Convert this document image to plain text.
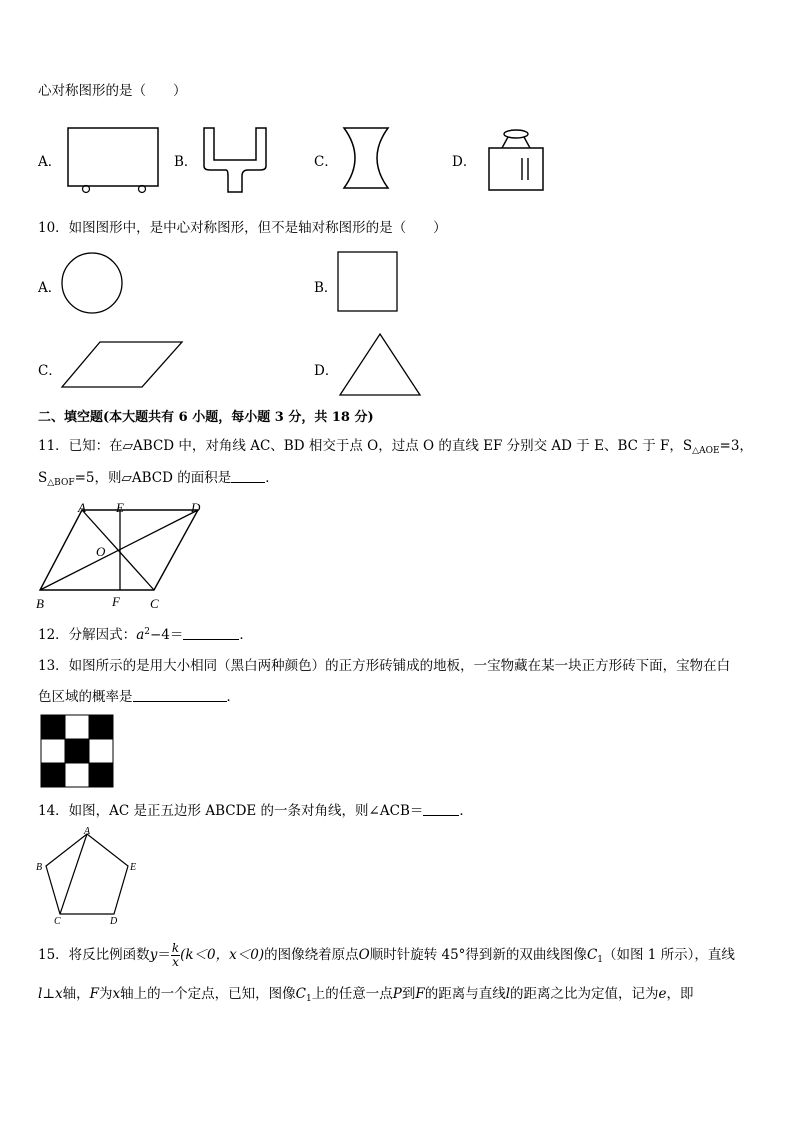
心对称图形的是（　　）
A．	B．	C．	D．
10．如图图形中，是中心对称图形，但不是轴对称图形的是（　　）
A．	B．
C．	D．
二、填空题(本大题共有 6 小题，每小题 3 分，共 18 分)
11．已知：在▱ABCD 中，对角线 AC、BD 相交于点 O，过点 O 的直线 EF 分别交 AD 于 E、BC 于 F，$S_{\triangle AOE}=3$，
$S_{\triangle BOF}=5$，则▱ABCD 的面积是	．
A E	D
O
B	F C
12．分解因式：$a^2-4=$	．
13．如图所示的是用大小相同（黑白两种颜色）的正方形砖铺成的地板，一宝物藏在某一块正方形砖下面，宝物在白
色区域的概率是	．
14．如图，AC 是正五边形 ABCDE 的一条对角线，则∠ACB＝	．
A
B	E
C	D
15．将反比例函数$y= \frac{k}{x} (k<0$，x＜0)的图像绕着原点O顺时针旋转 45°得到新的双曲线图像$C_1$（如图 1 所示），直线
l⊥x轴，F为x轴上的一个定点，已知，图像$C_1$上的任意一点P到F的距离与直线l的距离之比为定值，记为e，即
